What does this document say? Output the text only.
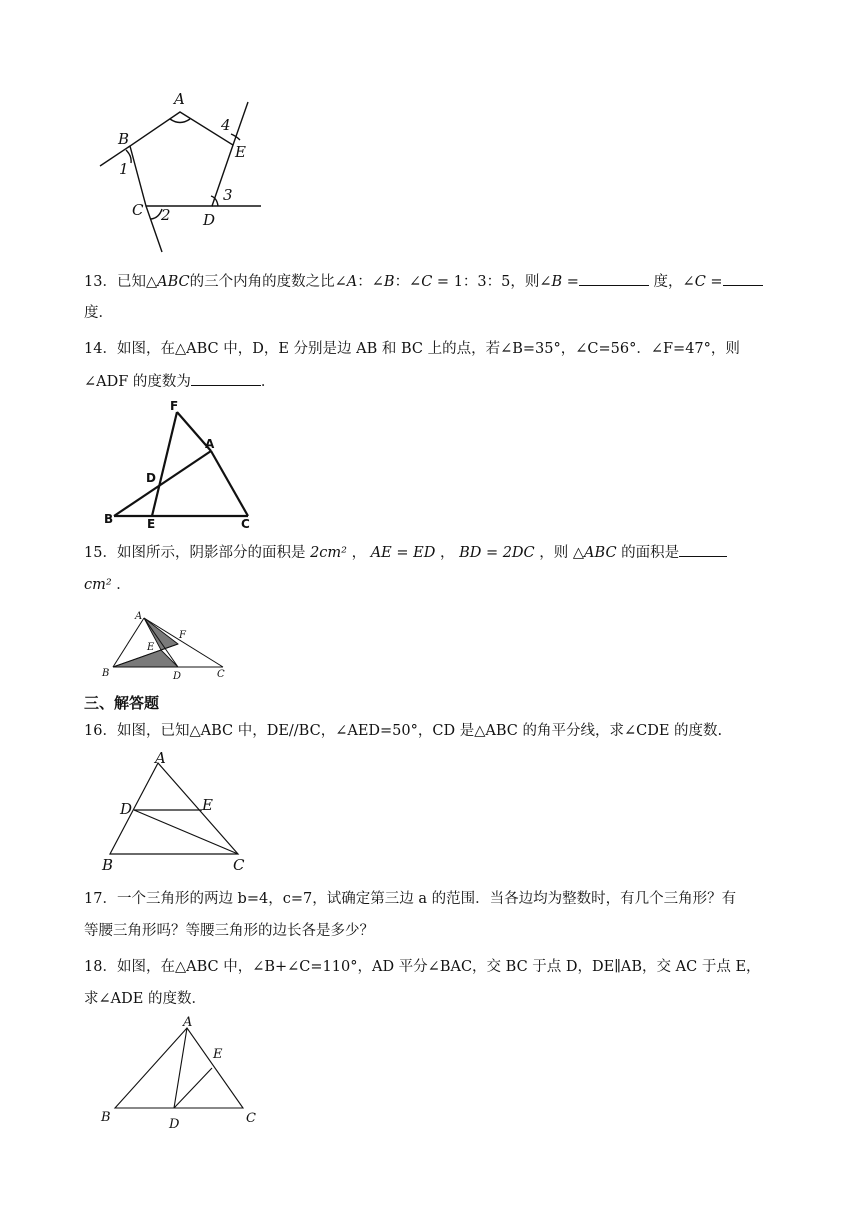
A
B
C
D
E
1
2
3
4
13．已知△ABC的三个内角的度数之比∠A：∠B：∠C = 1：3：5，则∠B =	度，∠C =
度．
14．如图，在△ABC 中，D，E 分别是边 AB 和 BC 上的点，若∠B=35°，∠C=56°．∠F=47°，则
∠ADF 的度数为	．
F
A
D
B	E	C
15．如图所示，阴影部分的面积是 2cm² ， AE = ED ， BD = 2DC ，则 △ABC 的面积是
cm² ．
A
F
E
B	D	C
三、解答题
16．如图，已知△ABC 中，DE//BC，∠AED=50°，CD 是△ABC 的角平分线，求∠CDE 的度数.
A
D	E
B	C
17．一个三角形的两边 b=4，c=7，试确定第三边 a 的范围．当各边均为整数时，有几个三角形？有
等腰三角形吗？等腰三角形的边长各是多少？
18．如图，在△ABC 中，∠B+∠C=110°，AD 平分∠BAC，交 BC 于点 D，DE∥AB，交 AC 于点 E，
求∠ADE 的度数．
A
E
B	D	C
